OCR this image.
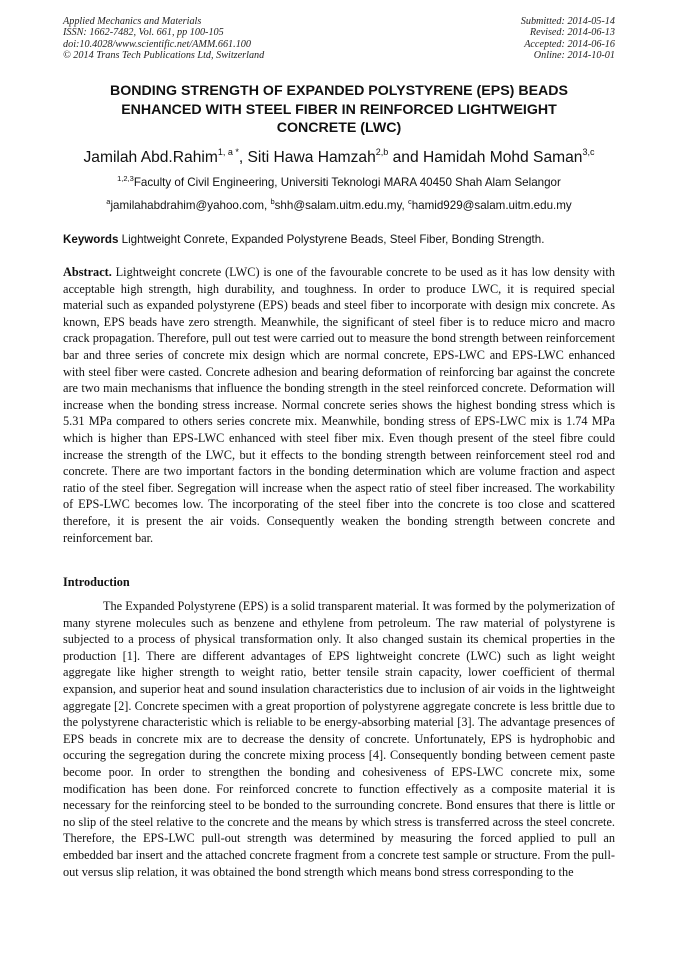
Applied Mechanics and Materials
ISSN: 1662-7482, Vol. 661, pp 100-105
doi:10.4028/www.scientific.net/AMM.661.100
© 2014 Trans Tech Publications Ltd, Switzerland
Submitted: 2014-05-14
Revised: 2014-06-13
Accepted: 2014-06-16
Online: 2014-10-01
BONDING STRENGTH OF EXPANDED POLYSTYRENE (EPS) BEADS
ENHANCED WITH STEEL FIBER IN REINFORCED LIGHTWEIGHT
CONCRETE (LWC)
Jamilah Abd.Rahim$^{1, a *}$, Siti Hawa Hamzah$^{2,b}$ and Hamidah Mohd Saman$^{3,c}$
$^{1,2,3}$Faculty of Civil Engineering, Universiti Teknologi MARA 40450 Shah Alam Selangor
$^a$jamilahabdrahim@yahoo.com, $^b$shh@salam.uitm.edu.my, $^c$hamid929@salam.uitm.edu.my
Keywords Lightweight Conrete, Expanded Polystyrene Beads, Steel Fiber, Bonding Strength.

Abstract. Lightweight concrete (LWC) is one of the favourable concrete to be used as it has low density with acceptable high strength, high durability, and toughness. In order to produce LWC, it is required special material such as expanded polystyrene (EPS) beads and steel fiber to incorporate with design mix concrete. As known, EPS beads have zero strength. Meanwhile, the significant of steel fiber is to reduce micro and macro crack propagation. Therefore, pull out test were carried out to measure the bond strength between reinforcement bar and three series of concrete mix design which are normal concrete, EPS-LWC and EPS-LWC enhanced with steel fiber were casted. Concrete adhesion and bearing deformation of reinforcing bar against the concrete are two main mechanisms that influence the bonding strength in the steel reinforced concrete. Deformation will increase when the bonding stress increase. Normal concrete series shows the highest bonding stress which is 5.31 MPa compared to others series concrete mix. Meanwhile, bonding stress of EPS-LWC mix is 1.74 MPa which is higher than EPS-LWC enhanced with steel fiber mix. Even though present of the steel fibre could increase the strength of the LWC, but it effects to the bonding strength between reinforcement steel rod and concrete. There are two important factors in the bonding determination which are volume fraction and aspect ratio of the steel fiber. Segregation will increase when the aspect ratio of steel fiber increased. The workability of EPS-LWC becomes low. The incorporating of the steel fiber into the concrete is too close and scattered therefore, it is present the air voids. Consequently weaken the bonding strength between concrete and reinforcement bar.

Introduction

The Expanded Polystyrene (EPS) is a solid transparent material. It was formed by the polymerization of many styrene molecules such as benzene and ethylene from petroleum. The raw material of polystyrene is subjected to a process of physical transformation only. It also changed sustain its chemical properties in the production [1]. There are different advantages of EPS lightweight concrete (LWC) such as light weight aggregate like higher strength to weight ratio, better tensile strain capacity, lower coefficient of thermal expansion, and superior heat and sound insulation characteristics due to inclusion of air voids in the lightweight aggregate [2]. Concrete specimen with a great proportion of polystyrene aggregate concrete is less brittle due to the polystyrene characteristic which is reliable to be energy-absorbing material [3]. The advantage presences of EPS beads in concrete mix are to decrease the density of concrete. Unfortunately, EPS is hydrophobic and occuring the segregation during the concrete mixing process [4]. Consequently bonding between cement paste become poor. In order to strengthen the bonding and cohesiveness of EPS-LWC concrete mix, some modification has been done. For reinforced concrete to function effectively as a composite material it is necessary for the reinforcing steel to be bonded to the surrounding concrete. Bond ensures that there is little or no slip of the steel relative to the concrete and the means by which stress is transferred across the steel concrete. Therefore, the EPS-LWC pull-out strength was determined by measuring the forced applied to pull an embedded bar insert and the attached concrete fragment from a concrete test sample or structure. From the pull-out versus slip relation, it was obtained the bond strength which means bond stress corresponding to the
